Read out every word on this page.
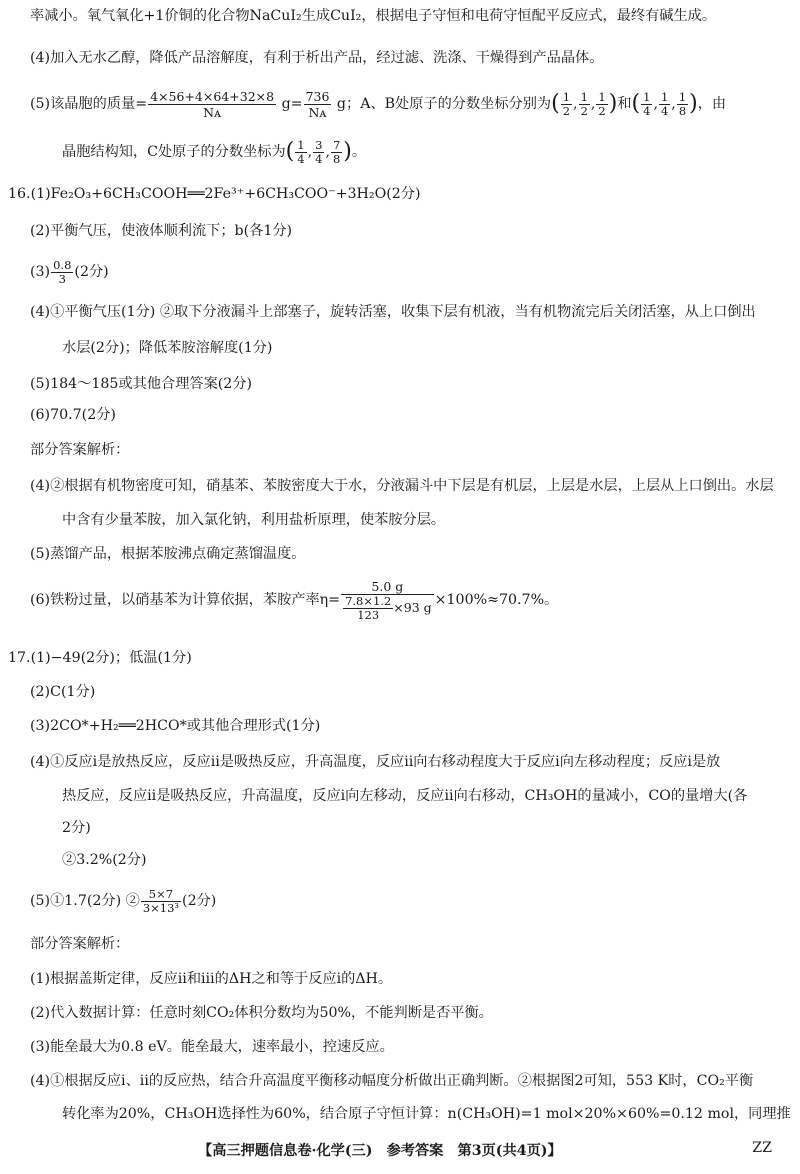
率减小。氧气氧化+1价铜的化合物NaCuI₂生成CuI₂，根据电子守恒和电荷守恒配平反应式，最终有碱生成。
(4)加入无水乙醇，降低产品溶解度，有利于析出产品，经过滤、洗涤、干燥得到产品晶体。
(5)该晶胞的质量= $\frac{4\times 56+4\times 64+32\times 8}{\text{Nᴀ}} g= \frac{736}{\text{Nᴀ}}$ g；A、B处原子的分数坐标分别为( $\frac{1}{2}$ , $\frac{1}{2}$ , $\frac{1}{2}$ )和( $\frac{1}{4}$ , $\frac{1}{4}$ , $\frac{1}{8}$ )，由
晶胞结构知，C处原子的分数坐标为( $\frac{1}{4}$ , $\frac{3}{4}$ , $\frac{7}{8}$ )。
16.(1)Fe₂O₃+6CH₃COOH══2Fe³⁺+6CH₃COO⁻+3H₂O(2分)
(2)平衡气压，使液体顺利流下；b(各1分)
$(3) \frac{0.8}{3} (2$分)
(4)①平衡气压(1分) ②取下分液漏斗上部塞子，旋转活塞，收集下层有机液，当有机物流完后关闭活塞，从上口倒出
水层(2分)；降低苯胺溶解度(1分)
(5)184～185或其他合理答案(2分)
(6)70.7(2分)
部分答案解析：
(4)②根据有机物密度可知，硝基苯、苯胺密度大于水，分液漏斗中下层是有机层，上层是水层，上层从上口倒出。水层
中含有少量苯胺，加入氯化钠，利用盐析原理，使苯胺分层。
(5)蒸馏产品，根据苯胺沸点确定蒸馏温度。
(6)铁粉过量，以硝基苯为计算依据，苯胺产率$\eta= \frac{5.0 g}{\frac{7.8\times 1.2}{123} \times 93 g} \times 100\%\approx 70.7\%$。
17.(1)−49(2分)；低温(1分)
(2)C(1分)
(3)2CO*+H₂══2HCO*或其他合理形式(1分)
(4)①反应ⅰ是放热反应，反应ⅱ是吸热反应，升高温度，反应ⅱ向右移动程度大于反应ⅰ向左移动程度；反应ⅰ是放
热反应，反应ⅱ是吸热反应，升高温度，反应ⅰ向左移动，反应ⅱ向右移动，CH₃OH的量减小，CO的量增大(各
2分)
②3.2%(2分)
(5)①1.7(2分) ② $\frac{5\times 7}{\text{3×13³}} (2$分)
部分答案解析：
(1)根据盖斯定律，反应ⅱ和ⅲ的ΔH之和等于反应ⅰ的ΔH。
(2)代入数据计算：任意时刻CO₂体积分数均为50%，不能判断是否平衡。
(3)能垒最大为0.8 eV。能垒最大，速率最小，控速反应。
(4)①根据反应ⅰ、ⅱ的反应热，结合升高温度平衡移动幅度分析做出正确判断。②根据图2可知，553 K时，CO₂平衡
转化率为20%，CH₃OH选择性为60%，结合原子守恒计算：n(CH₃OH)=1 mol×20%×60%=0.12 mol，同理推
【高三押题信息卷·化学(三)　参考答案　第3页(共4页)】	ZZ
